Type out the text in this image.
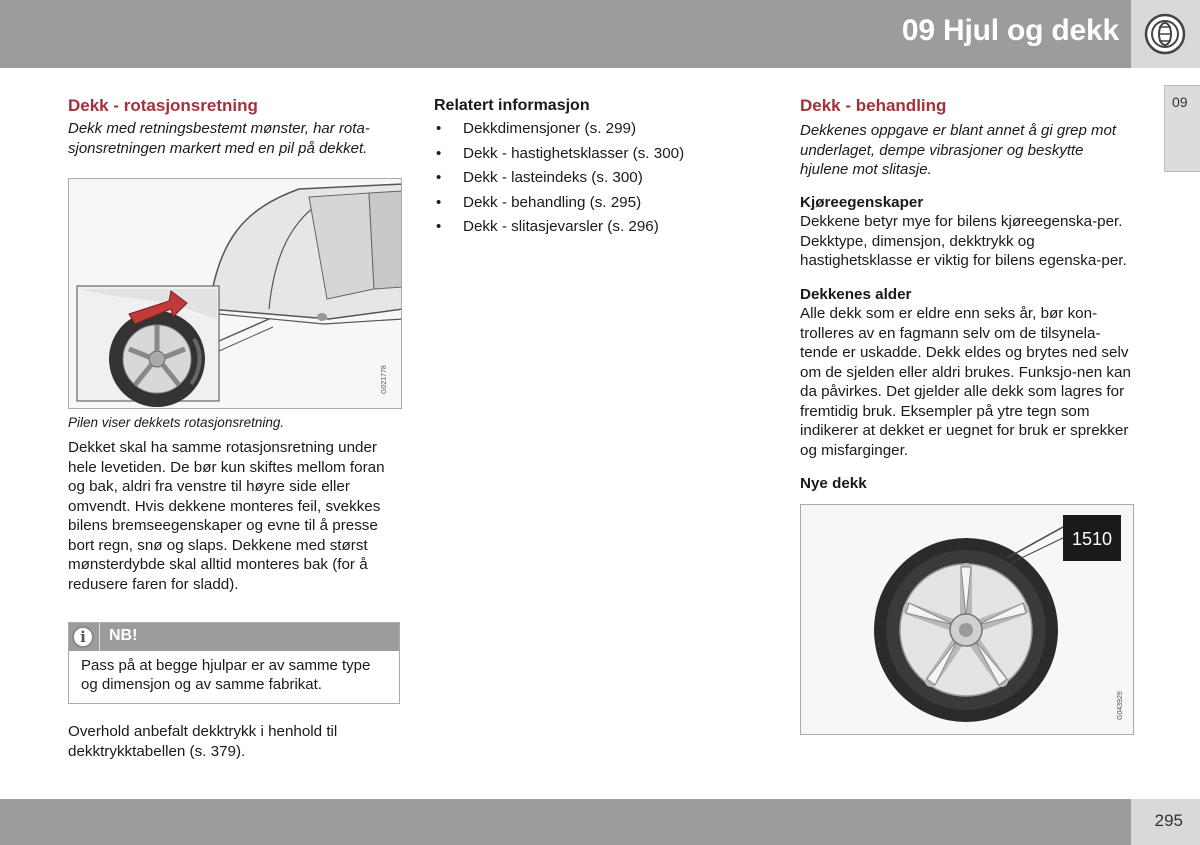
09 Hjul og dekk
09
Dekk - rotasjonsretning

Dekk med retningsbestemt mønster, har rota-sjonsretningen markert med en pil på dekket.

G021778

Pilen viser dekkets rotasjonsretning.

Dekket skal ha samme rotasjonsretning under hele levetiden. De bør kun skiftes mellom foran og bak, aldri fra venstre til høyre side eller omvendt. Hvis dekkene monteres feil, svekkes bilens bremseegenskaper og evne til å presse bort regn, snø og slaps. Dekkene med størst mønsterdybde skal alltid monteres bak (for å redusere faren for sladd).

i	NB!
Pass på at begge hjulpar er av samme type og dimensjon og av samme fabrikat.

Overhold anbefalt dekktrykk i henhold til dekktrykktabellen (s. 379).

Relatert informasjon
• Dekkdimensjoner (s. 299)
• Dekk - hastighetsklasser (s. 300)
• Dekk - lasteindeks (s. 300)
• Dekk - behandling (s. 295)
• Dekk - slitasjevarsler (s. 296)
Dekk - behandling

Dekkenes oppgave er blant annet å gi grep mot underlaget, dempe vibrasjoner og beskytte hjulene mot slitasje.

Kjøreegenskaper

Dekkene betyr mye for bilens kjøreegenska-per. Dekktype, dimensjon, dekktrykk og hastighetsklasse er viktig for bilens egenska-per.

Dekkenes alder

Alle dekk som er eldre enn seks år, bør kon-trolleres av en fagmann selv om de tilsynela-tende er uskadde. Dekk eldes og brytes ned selv om de sjelden eller aldri brukes. Funksjo-nen kan da påvirkes. Det gjelder alle dekk som lagres for fremtidig bruk. Eksempler på ytre tegn som indikerer at dekket er uegnet for bruk er sprekker og misfarginger.

Nye dekk
1510
G043929
295
